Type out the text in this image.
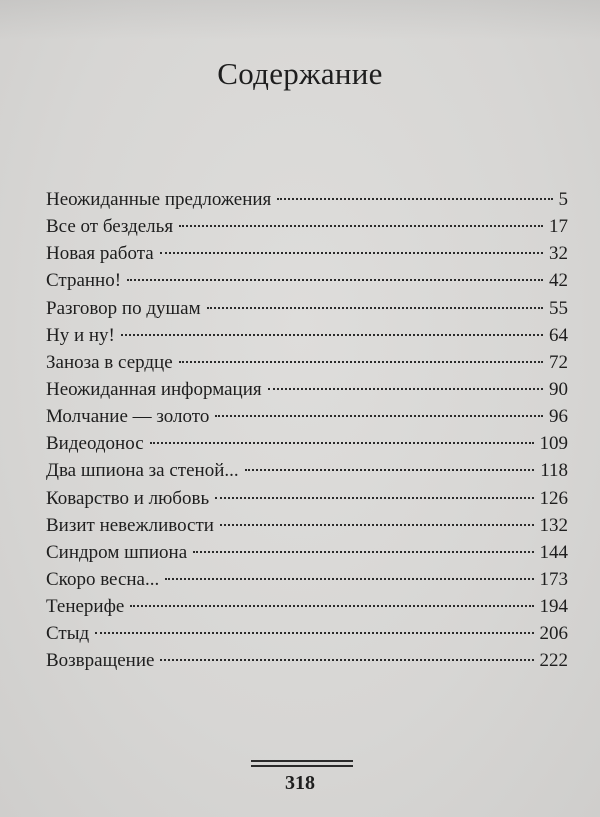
Содержание
Неожиданные предложения	5
Все от безделья	17
Новая работа	32
Странно!	42
Разговор по душам	55
Ну и ну!	64
Заноза в сердце	72
Неожиданная информация	90
Молчание — золото	96
Видеодонос	109
Два шпиона за стеной...	118
Коварство и любовь	126
Визит невежливости	132
Синдром шпиона	144
Скоро весна...	173
Тенерифе	194
Стыд	206
Возвращение	222
318
